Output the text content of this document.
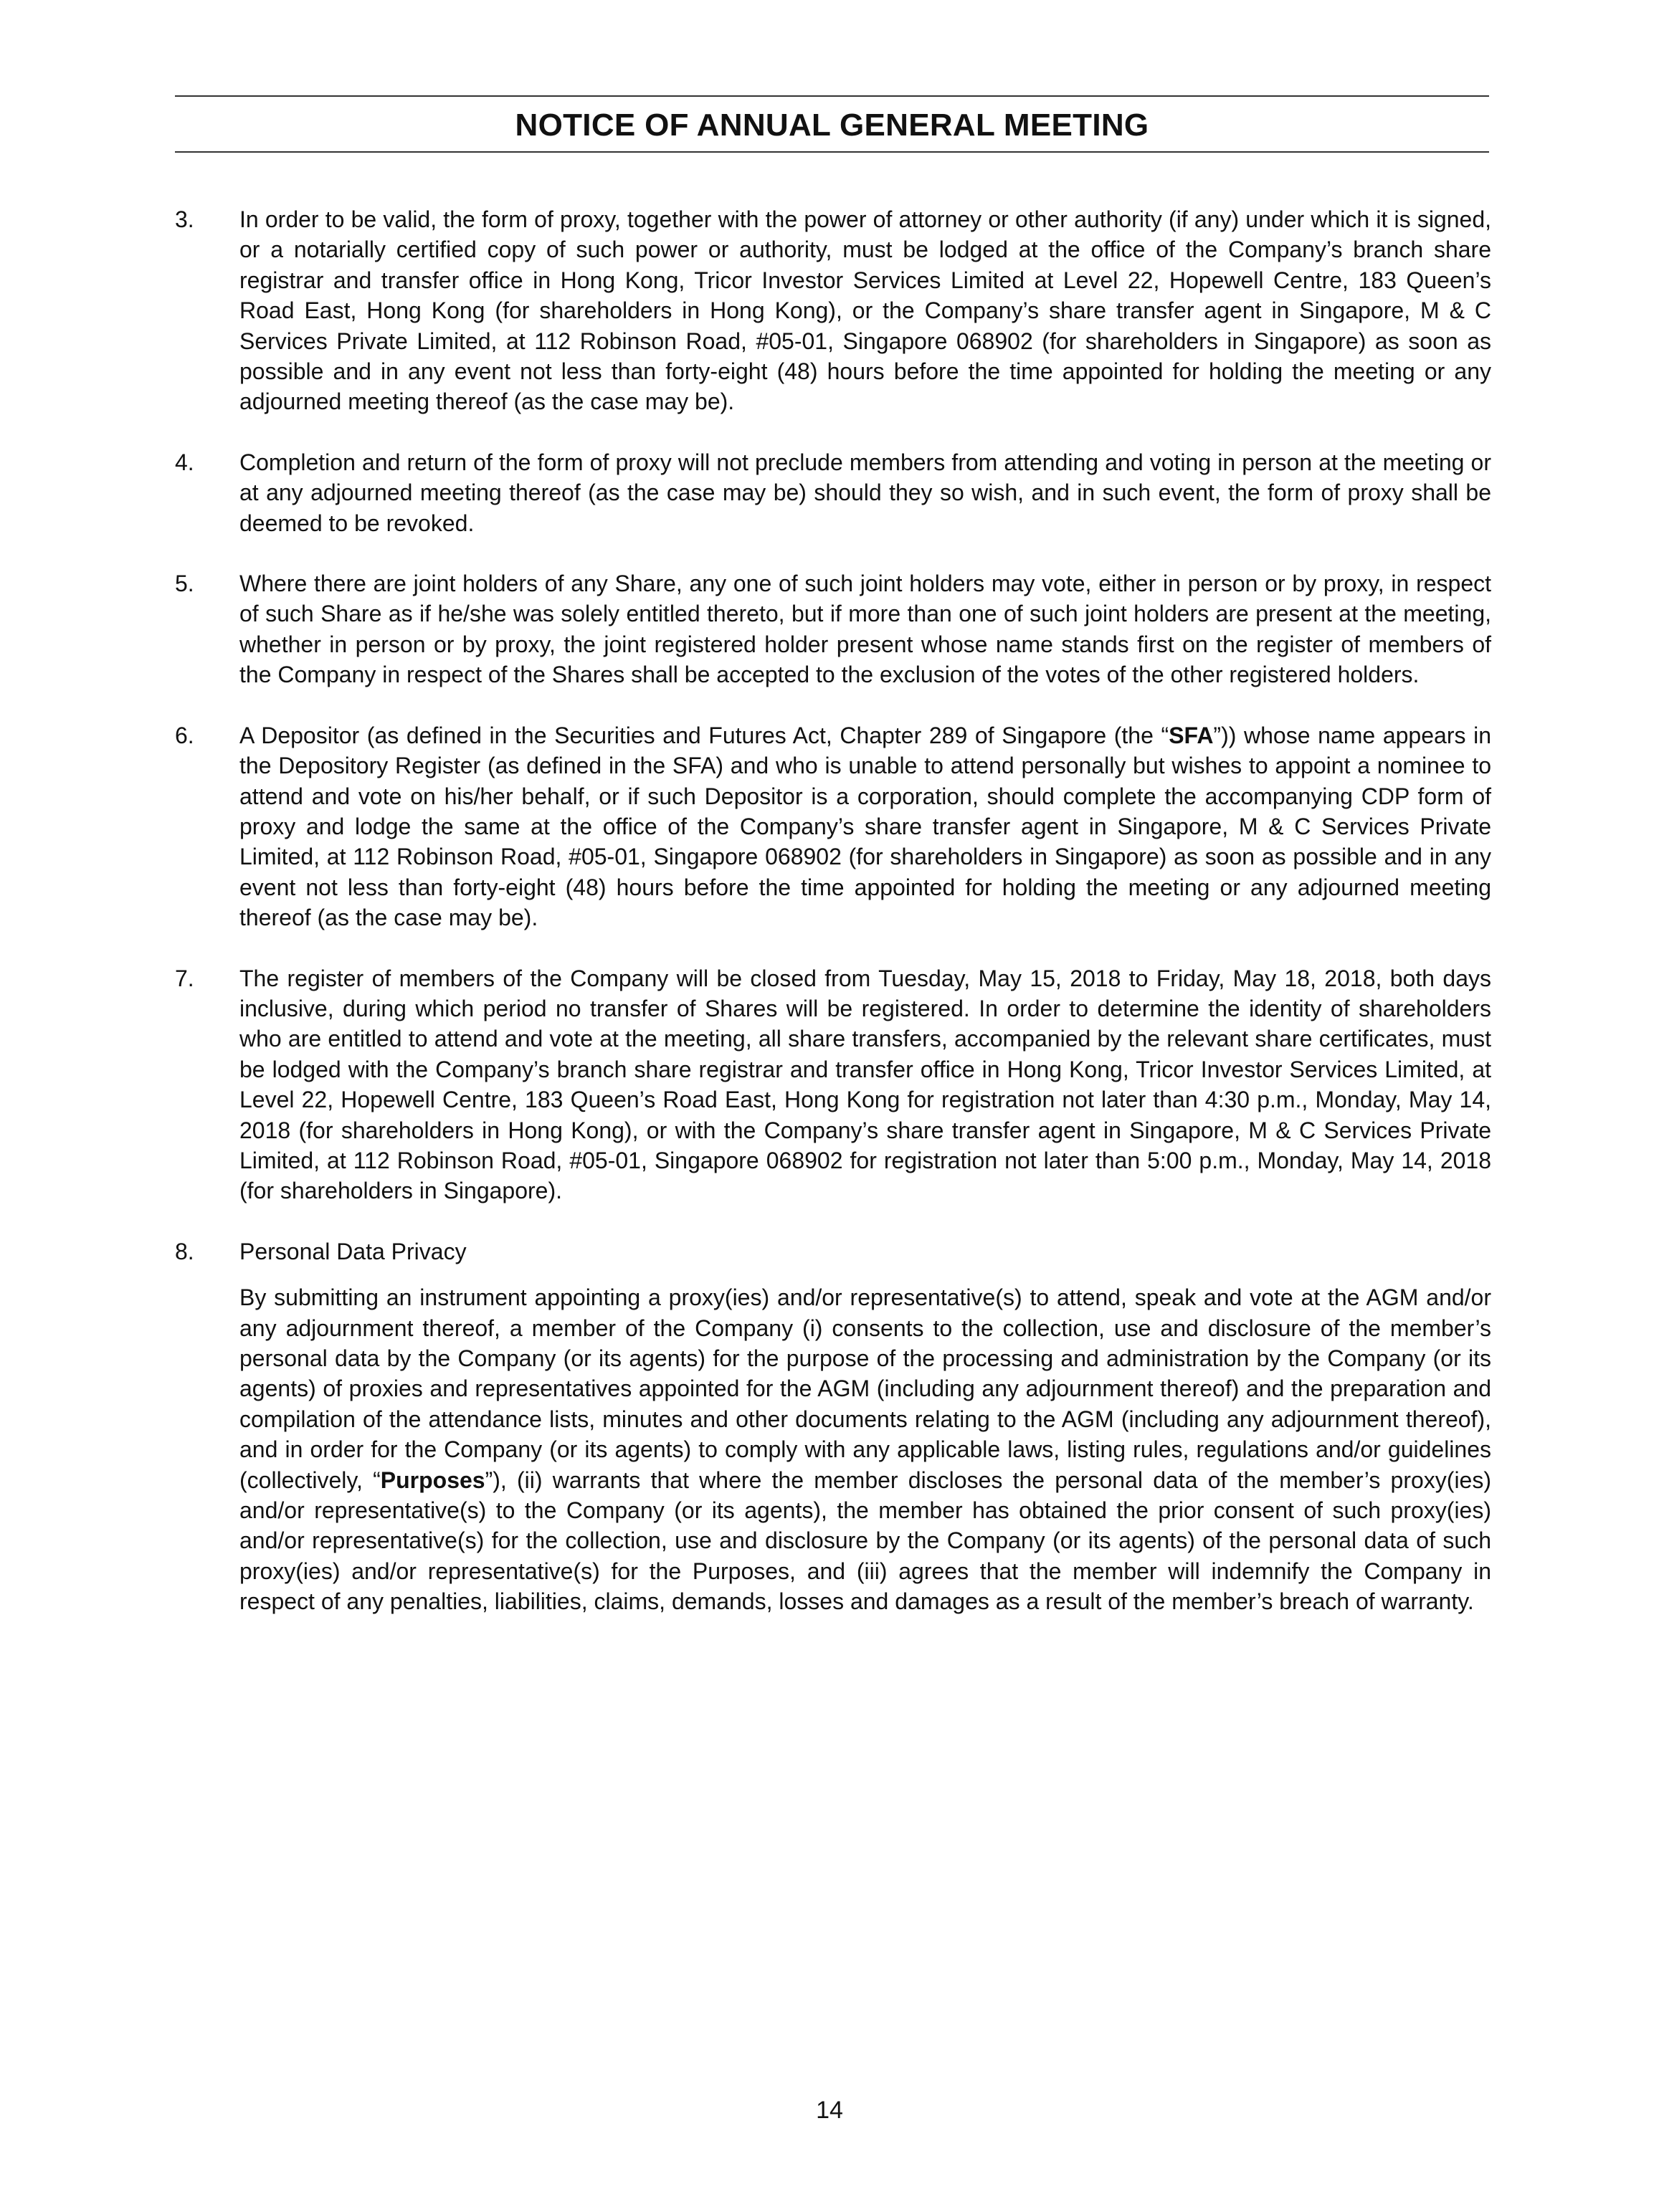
NOTICE OF ANNUAL GENERAL MEETING
3. In order to be valid, the form of proxy, together with the power of attorney or other authority (if any) under which it is signed, or a notarially certified copy of such power or authority, must be lodged at the office of the Company’s branch share registrar and transfer office in Hong Kong, Tricor Investor Services Limited at Level 22, Hopewell Centre, 183 Queen’s Road East, Hong Kong (for shareholders in Hong Kong), or the Company’s share transfer agent in Singapore, M & C Services Private Limited, at 112 Robinson Road, #05-01, Singapore 068902 (for shareholders in Singapore) as soon as possible and in any event not less than forty-eight (48) hours before the time appointed for holding the meeting or any adjourned meeting thereof (as the case may be).

4. Completion and return of the form of proxy will not preclude members from attending and voting in person at the meeting or at any adjourned meeting thereof (as the case may be) should they so wish, and in such event, the form of proxy shall be deemed to be revoked.

5. Where there are joint holders of any Share, any one of such joint holders may vote, either in person or by proxy, in respect of such Share as if he/she was solely entitled thereto, but if more than one of such joint holders are present at the meeting, whether in person or by proxy, the joint registered holder present whose name stands first on the register of members of the Company in respect of the Shares shall be accepted to the exclusion of the votes of the other registered holders.

6. A Depositor (as defined in the Securities and Futures Act, Chapter 289 of Singapore (the “SFA”)) whose name appears in the Depository Register (as defined in the SFA) and who is unable to attend personally but wishes to appoint a nominee to attend and vote on his/her behalf, or if such Depositor is a corporation, should complete the accompanying CDP form of proxy and lodge the same at the office of the Company’s share transfer agent in Singapore, M & C Services Private Limited, at 112 Robinson Road, #05-01, Singapore 068902 (for shareholders in Singapore) as soon as possible and in any event not less than forty-eight (48) hours before the time appointed for holding the meeting or any adjourned meeting thereof (as the case may be).

7. The register of members of the Company will be closed from Tuesday, May 15, 2018 to Friday, May 18, 2018, both days inclusive, during which period no transfer of Shares will be registered. In order to determine the identity of shareholders who are entitled to attend and vote at the meeting, all share transfers, accompanied by the relevant share certificates, must be lodged with the Company’s branch share registrar and transfer office in Hong Kong, Tricor Investor Services Limited, at Level 22, Hopewell Centre, 183 Queen’s Road East, Hong Kong for registration not later than 4:30 p.m., Monday, May 14, 2018 (for shareholders in Hong Kong), or with the Company’s share transfer agent in Singapore, M & C Services Private Limited, at 112 Robinson Road, #05-01, Singapore 068902 for registration not later than 5:00 p.m., Monday, May 14, 2018 (for shareholders in Singapore).

8. Personal Data Privacy

By submitting an instrument appointing a proxy(ies) and/or representative(s) to attend, speak and vote at the AGM and/or any adjournment thereof, a member of the Company (i) consents to the collection, use and disclosure of the member’s personal data by the Company (or its agents) for the purpose of the processing and administration by the Company (or its agents) of proxies and representatives appointed for the AGM (including any adjournment thereof) and the preparation and compilation of the attendance lists, minutes and other documents relating to the AGM (including any adjournment thereof), and in order for the Company (or its agents) to comply with any applicable laws, listing rules, regulations and/or guidelines (collectively, “Purposes”), (ii) warrants that where the member discloses the personal data of the member’s proxy(ies) and/or representative(s) to the Company (or its agents), the member has obtained the prior consent of such proxy(ies) and/or representative(s) for the collection, use and disclosure by the Company (or its agents) of the personal data of such proxy(ies) and/or representative(s) for the Purposes, and (iii) agrees that the member will indemnify the Company in respect of any penalties, liabilities, claims, demands, losses and damages as a result of the member’s breach of warranty.

14
